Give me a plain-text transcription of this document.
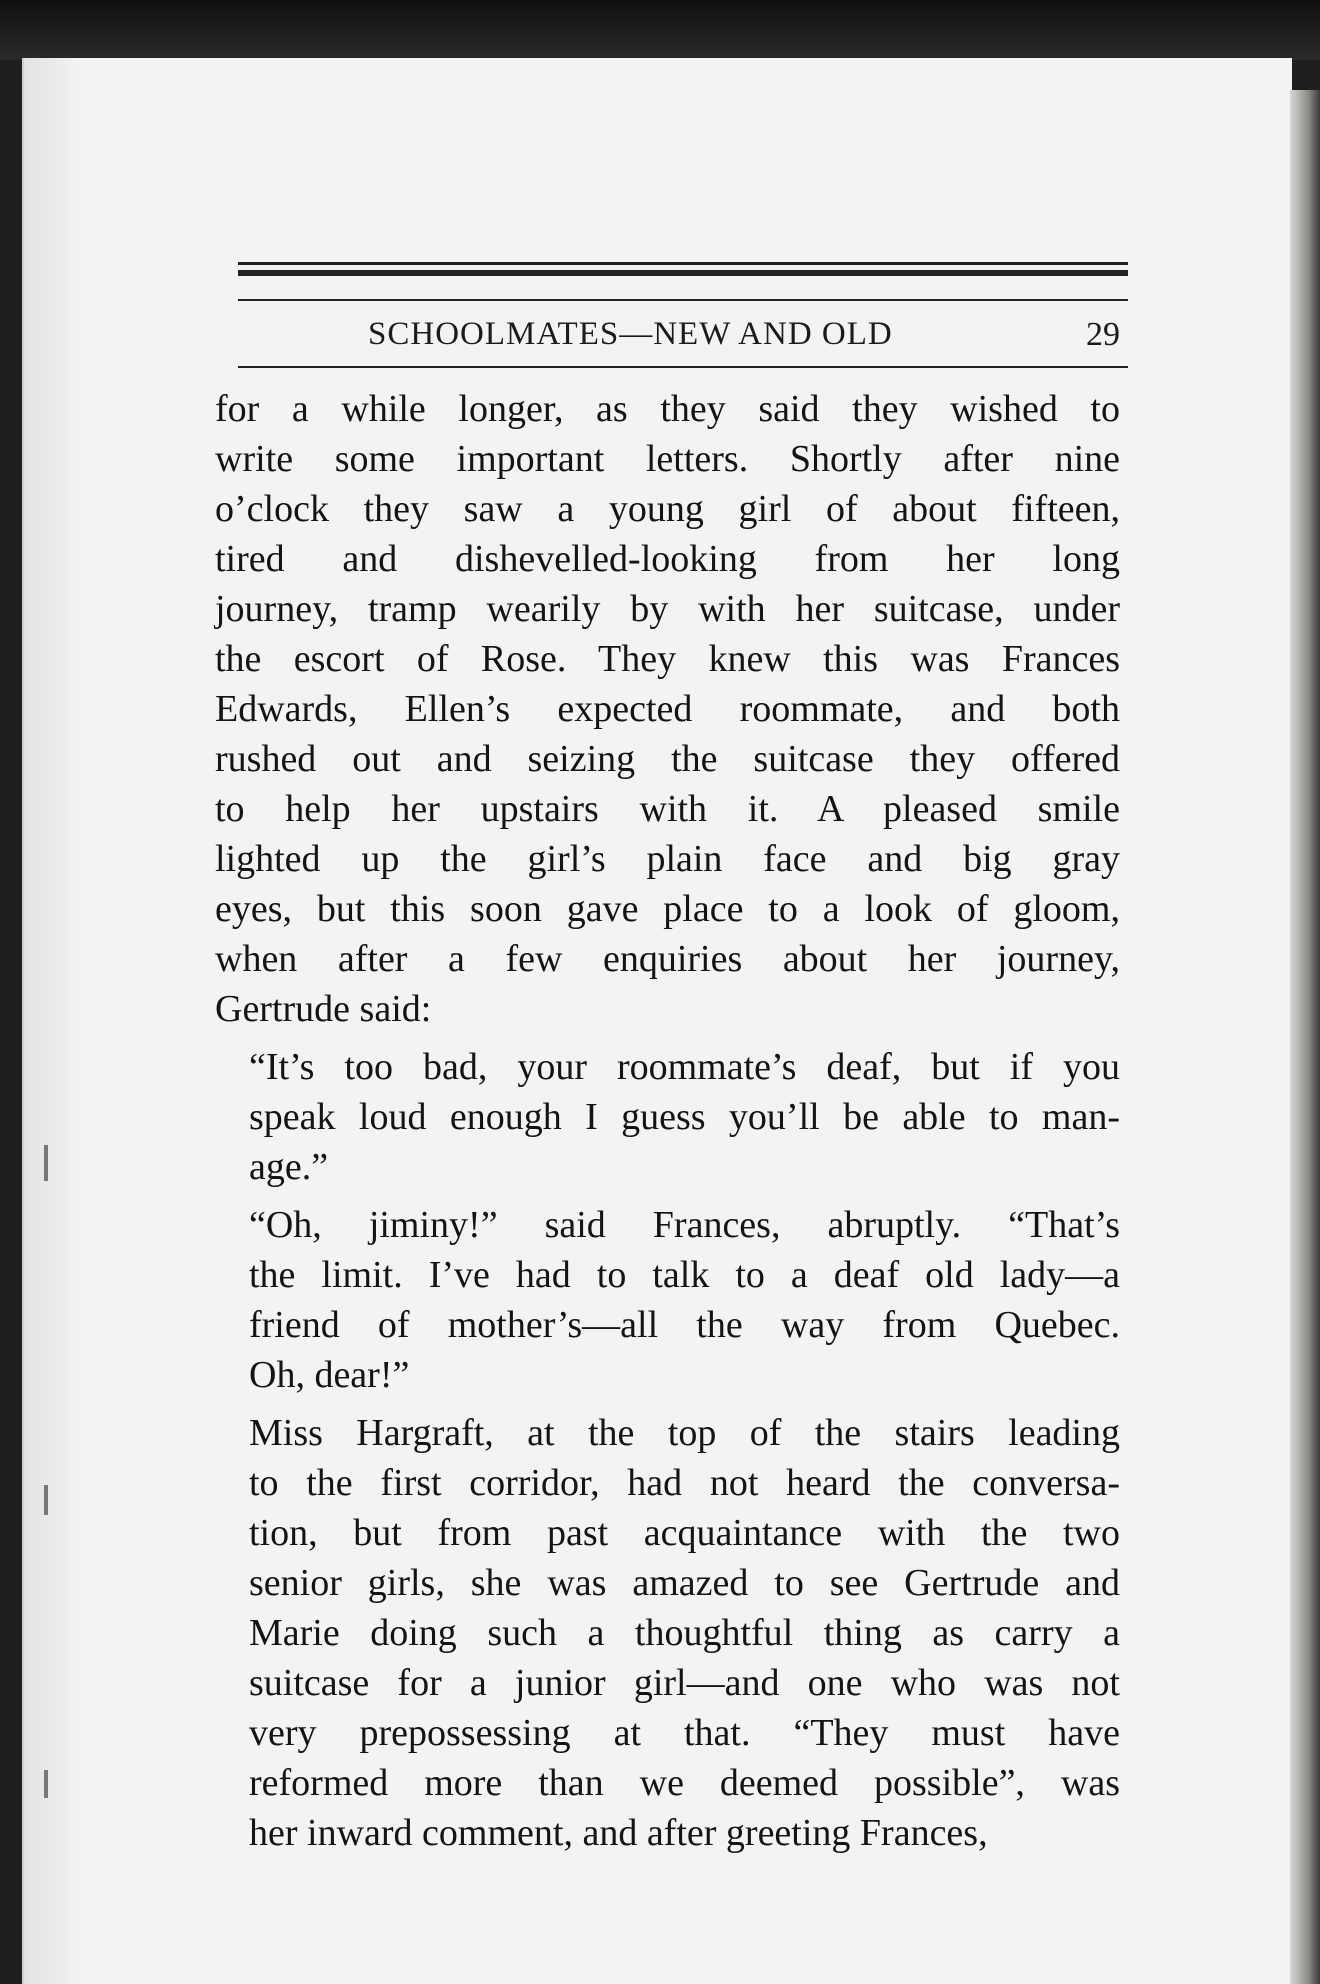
SCHOOLMATES—NEW AND OLD	29

for a while longer, as they said they wished to
write some important letters. Shortly after nine
o’clock they saw a young girl of about fifteen,
tired and dishevelled-looking from her long
journey, tramp wearily by with her suitcase, under
the escort of Rose. They knew this was Frances
Edwards, Ellen’s expected roommate, and both
rushed out and seizing the suitcase they offered
to help her upstairs with it. A pleased smile
lighted up the girl’s plain face and big gray
eyes, but this soon gave place to a look of gloom,
when after a few enquiries about her journey,
Gertrude said:

“It’s too bad, your roommate’s deaf, but if you
speak loud enough I guess you’ll be able to man-
age.”

“Oh, jiminy!” said Frances, abruptly. “That’s
the limit. I’ve had to talk to a deaf old lady—a
friend of mother’s—all the way from Quebec.
Oh, dear!”

Miss Hargraft, at the top of the stairs leading
to the first corridor, had not heard the conversa-
tion, but from past acquaintance with the two
senior girls, she was amazed to see Gertrude and
Marie doing such a thoughtful thing as carry a
suitcase for a junior girl—and one who was not
very prepossessing at that. “They must have
reformed more than we deemed possible”, was
her inward comment, and after greeting Frances,
